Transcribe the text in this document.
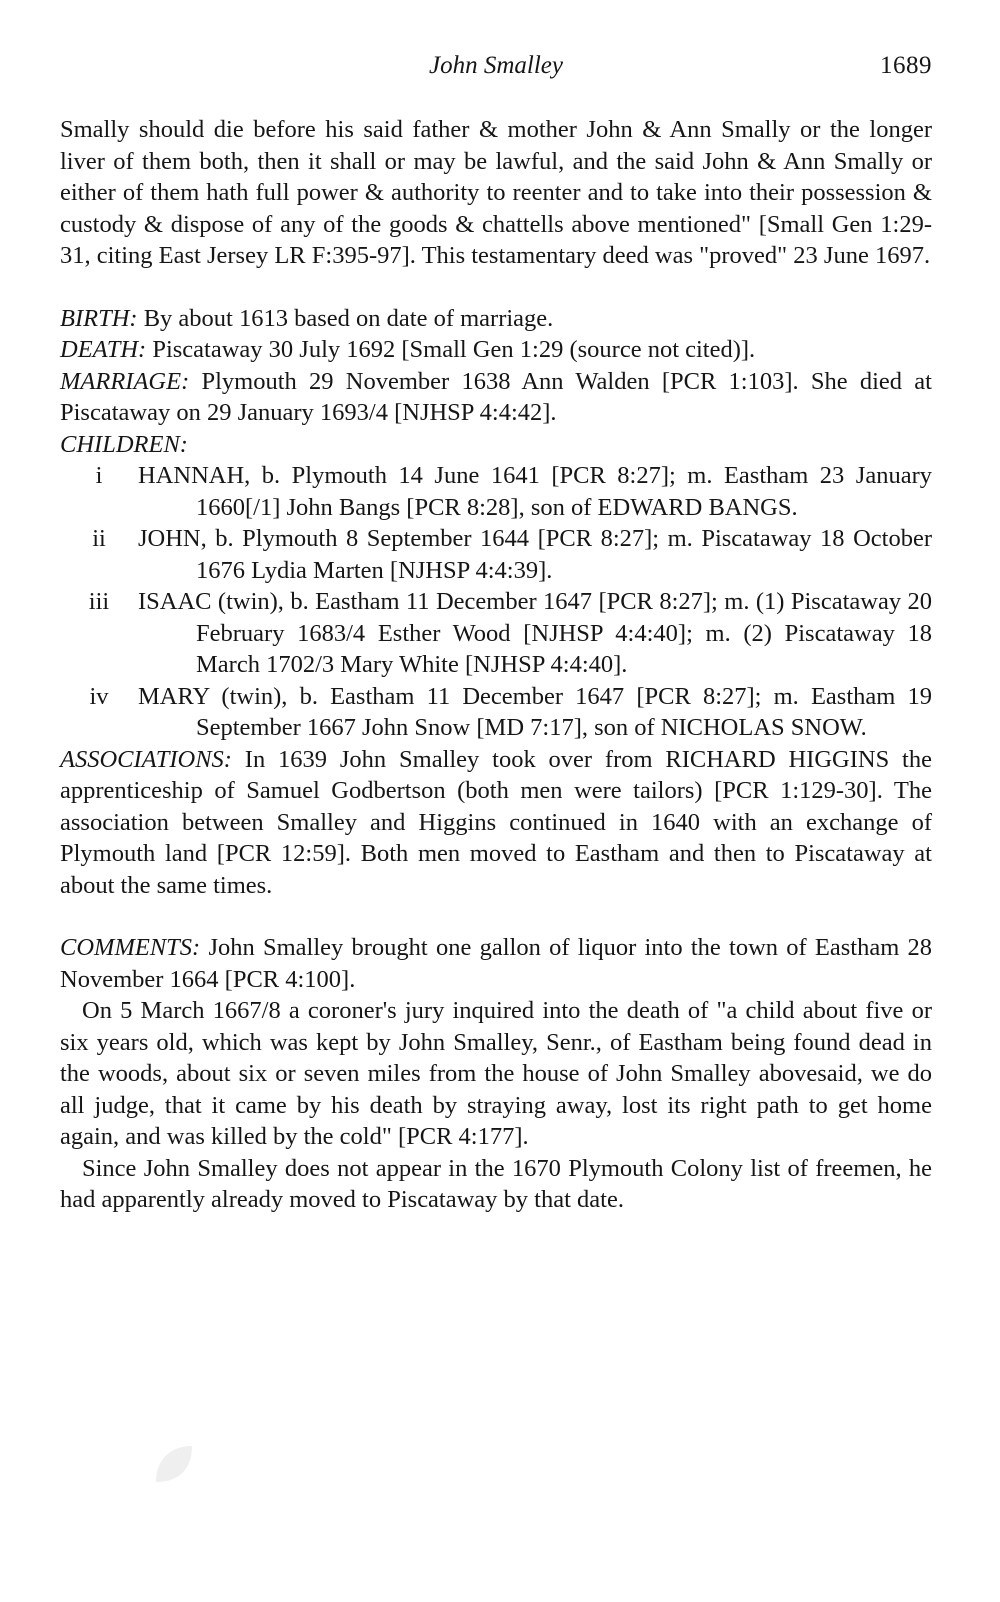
John Smalley	1689

Smally should die before his said father & mother John & Ann Smally or the longer liver of them both, then it shall or may be lawful, and the said John & Ann Smally or either of them hath full power & authority to reenter and to take into their possession & custody & dispose of any of the goods & chattells above mentioned" [Small Gen 1:29-31, citing East Jersey LR F:395-97]. This testamentary deed was "proved" 23 June 1697.

BIRTH: By about 1613 based on date of marriage.

DEATH: Piscataway 30 July 1692 [Small Gen 1:29 (source not cited)].

MARRIAGE: Plymouth 29 November 1638 Ann Walden [PCR 1:103]. She died at Piscataway on 29 January 1693/4 [NJHSP 4:4:42].

CHILDREN:

i	HANNAH, b. Plymouth 14 June 1641 [PCR 8:27]; m. Eastham 23 January 1660[/1] John Bangs [PCR 8:28], son of EDWARD BANGS.
ii	JOHN, b. Plymouth 8 September 1644 [PCR 8:27]; m. Piscataway 18 October 1676 Lydia Marten [NJHSP 4:4:39].
iii	ISAAC (twin), b. Eastham 11 December 1647 [PCR 8:27]; m. (1) Piscataway 20 February 1683/4 Esther Wood [NJHSP 4:4:40]; m. (2) Piscataway 18 March 1702/3 Mary White [NJHSP 4:4:40].
iv	MARY (twin), b. Eastham 11 December 1647 [PCR 8:27]; m. Eastham 19 September 1667 John Snow [MD 7:17], son of NICHOLAS SNOW.

ASSOCIATIONS: In 1639 John Smalley took over from RICHARD HIGGINS the apprenticeship of Samuel Godbertson (both men were tailors) [PCR 1:129-30]. The association between Smalley and Higgins continued in 1640 with an exchange of Plymouth land [PCR 12:59]. Both men moved to Eastham and then to Piscataway at about the same times.

COMMENTS: John Smalley brought one gallon of liquor into the town of Eastham 28 November 1664 [PCR 4:100].

On 5 March 1667/8 a coroner's jury inquired into the death of "a child about five or six years old, which was kept by John Smalley, Senr., of Eastham being found dead in the woods, about six or seven miles from the house of John Smalley abovesaid, we do all judge, that it came by his death by straying away, lost its right path to get home again, and was killed by the cold" [PCR 4:177].

Since John Smalley does not appear in the 1670 Plymouth Colony list of freemen, he had apparently already moved to Piscataway by that date.
